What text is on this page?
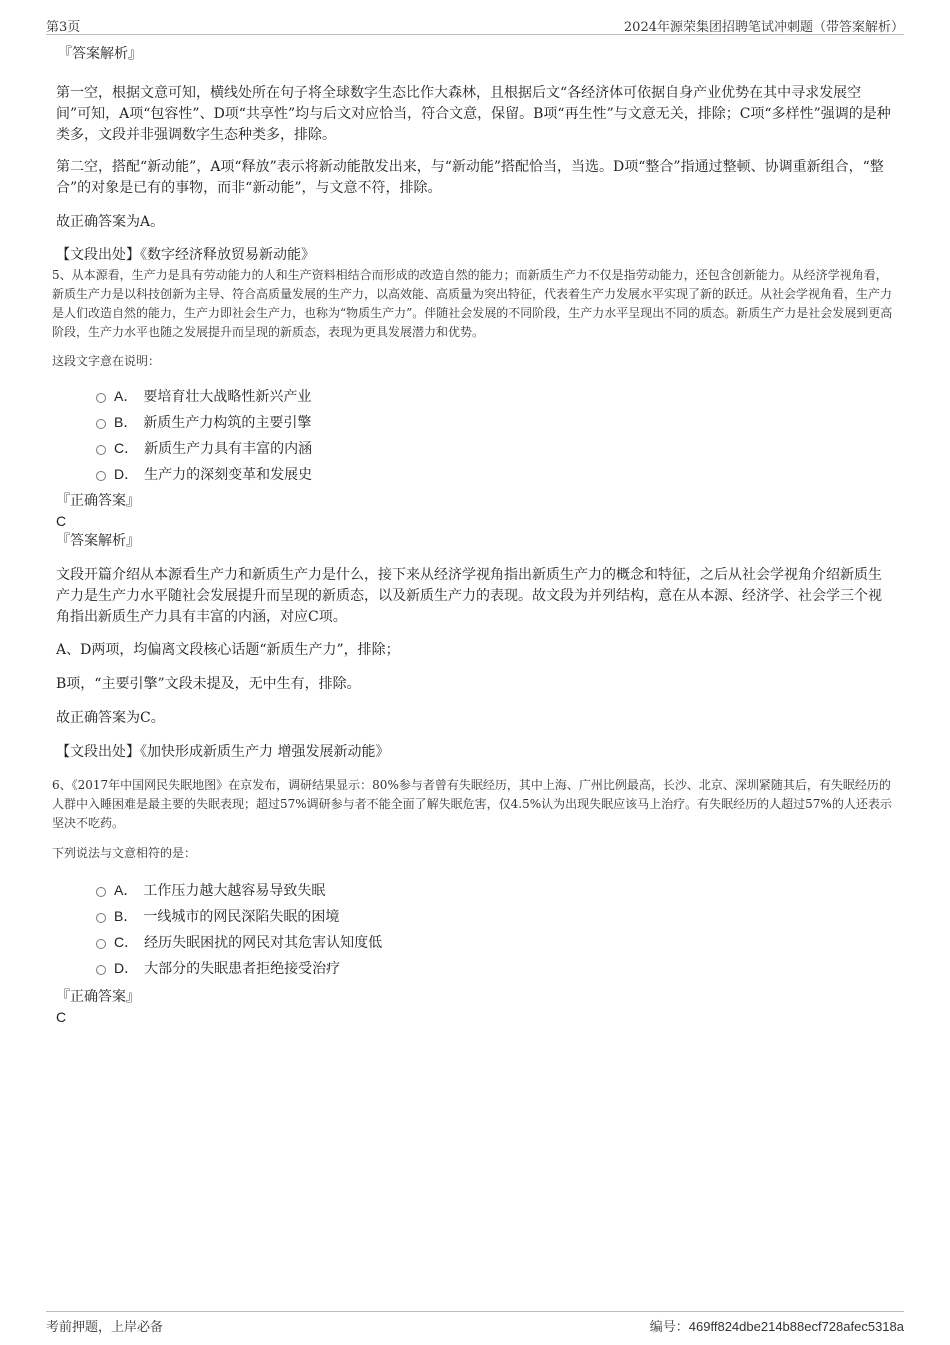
第3页	2024年源荣集团招聘笔试冲刺题（带答案解析）
『答案解析』

第一空，根据文意可知，横线处所在句子将全球数字生态比作大森林，且根据后文“各经济体可依据自身产业优势在其中寻求发展空间”可知，A项“包容性”、D项“共享性”均与后文对应恰当，符合文意，保留。B项“再生性”与文意无关，排除；C项“多样性”强调的是种类多，文段并非强调数字生态种类多，排除。

第二空，搭配“新动能”，A项“释放”表示将新动能散发出来，与“新动能”搭配恰当，当选。D项“整合”指通过整顿、协调重新组合，“整合”的对象是已有的事物，而非“新动能”，与文意不符，排除。

故正确答案为A。

【文段出处】《数字经济释放贸易新动能》

5、从本源看，生产力是具有劳动能力的人和生产资料相结合而形成的改造自然的能力；而新质生产力不仅是指劳动能力，还包含创新能力。从经济学视角看，新质生产力是以科技创新为主导、符合高质量发展的生产力，以高效能、高质量为突出特征，代表着生产力发展水平实现了新的跃迁。从社会学视角看，生产力是人们改造自然的能力，生产力即社会生产力，也称为“物质生产力”。伴随社会发展的不同阶段，生产力水平呈现出不同的质态。新质生产力是社会发展到更高阶段，生产力水平也随之发展提升而呈现的新质态，表现为更具发展潜力和优势。

这段文字意在说明：

A． 要培育壮大战略性新兴产业
B． 新质生产力构筑的主要引擎
C． 新质生产力具有丰富的内涵
D． 生产力的深刻变革和发展史
『正确答案』
C
『答案解析』

文段开篇介绍从本源看生产力和新质生产力是什么，接下来从经济学视角指出新质生产力的概念和特征，之后从社会学视角介绍新质生产力是生产力水平随社会发展提升而呈现的新质态，以及新质生产力的表现。故文段为并列结构，意在从本源、经济学、社会学三个视角指出新质生产力具有丰富的内涵，对应C项。

A、D两项，均偏离文段核心话题“新质生产力”，排除；

B项，“主要引擎”文段未提及，无中生有，排除。

故正确答案为C。

【文段出处】《加快形成新质生产力 增强发展新动能》

6、《2017年中国网民失眠地图》在京发布，调研结果显示：80%参与者曾有失眠经历，其中上海、广州比例最高，长沙、北京、深圳紧随其后，有失眠经历的人群中入睡困难是最主要的失眠表现；超过57%调研参与者不能全面了解失眠危害，仅4.5%认为出现失眠应该马上治疗。有失眠经历的人超过57%的人还表示坚决不吃药。

下列说法与文意相符的是：

A． 工作压力越大越容易导致失眠
B． 一线城市的网民深陷失眠的困境
C． 经历失眠困扰的网民对其危害认知度低
D． 大部分的失眠患者拒绝接受治疗
『正确答案』
C
考前押题，上岸必备	编号：469ff824dbe214b88ecf728afec5318a
